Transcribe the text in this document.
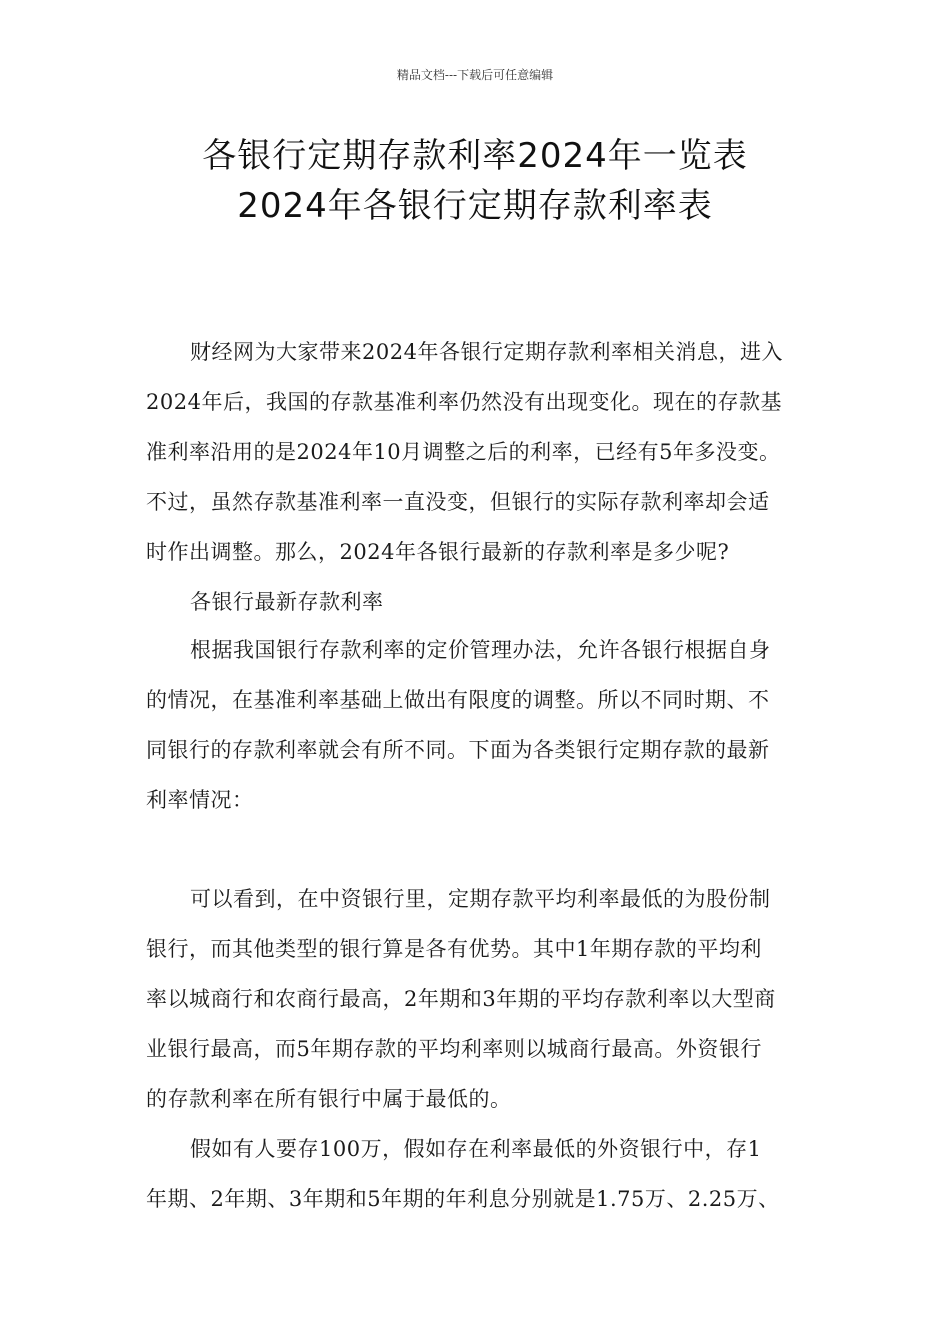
精品文档---下载后可任意编辑
各银行定期存款利率2024年一览表
2024年各银行定期存款利率表
财经网为大家带来2024年各银行定期存款利率相关消息，进入
2024年后，我国的存款基准利率仍然没有出现变化。现在的存款基
准利率沿用的是2024年10月调整之后的利率，已经有5年多没变。
不过，虽然存款基准利率一直没变，但银行的实际存款利率却会适
时作出调整。那么，2024年各银行最新的存款利率是多少呢?
各银行最新存款利率
根据我国银行存款利率的定价管理办法，允许各银行根据自身
的情况，在基准利率基础上做出有限度的调整。所以不同时期、不
同银行的存款利率就会有所不同。下面为各类银行定期存款的最新
利率情况：
可以看到，在中资银行里，定期存款平均利率最低的为股份制
银行，而其他类型的银行算是各有优势。其中1年期存款的平均利
率以城商行和农商行最高，2年期和3年期的平均存款利率以大型商
业银行最高，而5年期存款的平均利率则以城商行最高。外资银行
的存款利率在所有银行中属于最低的。
假如有人要存100万，假如存在利率最低的外资银行中，存1
年期、2年期、3年期和5年期的年利息分别就是1.75万、2.25万、
